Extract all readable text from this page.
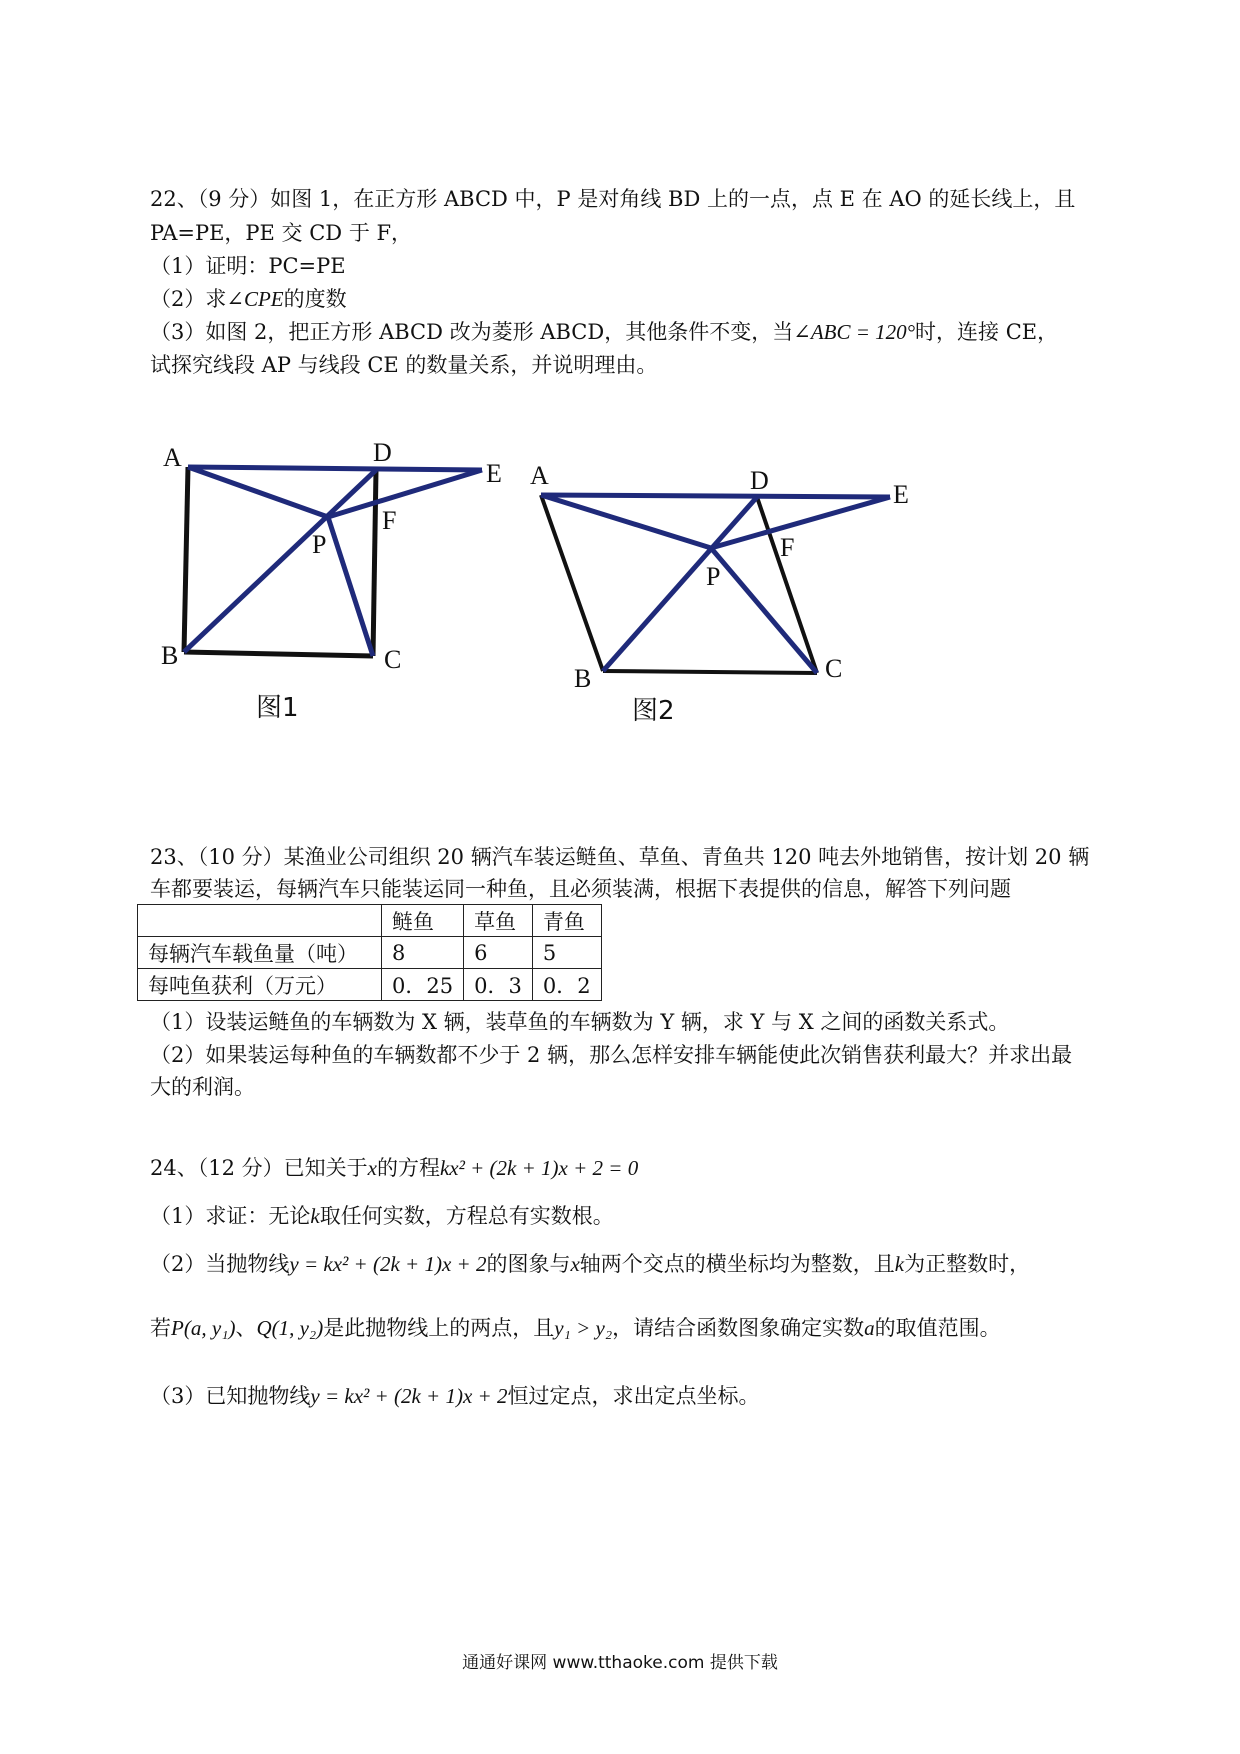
22、（9 分）如图 1，在正方形 ABCD 中，P 是对角线 BD 上的一点，点 E 在 AO 的延长线上，且
PA=PE，PE 交 CD 于 F，
（1）证明：PC=PE
（2）求∠CPE的度数
（3）如图 2，把正方形 ABCD 改为菱形 ABCD，其他条件不变，当∠ABC = 120°时，连接 CE，
试探究线段 AP 与线段 CE 的数量关系，并说明理由。
A	D
E
F
P
B	C
图1
A	D	E
F
P
B	C
图2
23、（10 分）某渔业公司组织 20 辆汽车装运鲢鱼、草鱼、青鱼共 120 吨去外地销售，按计划 20 辆
车都要装运，每辆汽车只能装运同一种鱼，且必须装满，根据下表提供的信息，解答下列问题
	鲢鱼	草鱼	青鱼
每辆汽车载鱼量（吨）	8	6	5
每吨鱼获利（万元）	0．25	0．3	0．2
（1）设装运鲢鱼的车辆数为 X 辆，装草鱼的车辆数为 Y 辆，求 Y 与 X 之间的函数关系式。
（2）如果装运每种鱼的车辆数都不少于 2 辆，那么怎样安排车辆能使此次销售获利最大？并求出最
大的利润。
24、（12 分）已知关于x的方程kx² + (2k + 1)x + 2 = 0
（1）求证：无论k取任何实数，方程总有实数根。
（2）当抛物线y = kx² + (2k + 1)x + 2的图象与x轴两个交点的横坐标均为整数，且k为正整数时，
若P(a, y₁)、Q(1, y₂)是此抛物线上的两点，且y₁ > y₂，请结合函数图象确定实数a的取值范围。
（3）已知抛物线y = kx² + (2k + 1)x + 2恒过定点，求出定点坐标。
通通好课网 www.tthaoke.com 提供下载
